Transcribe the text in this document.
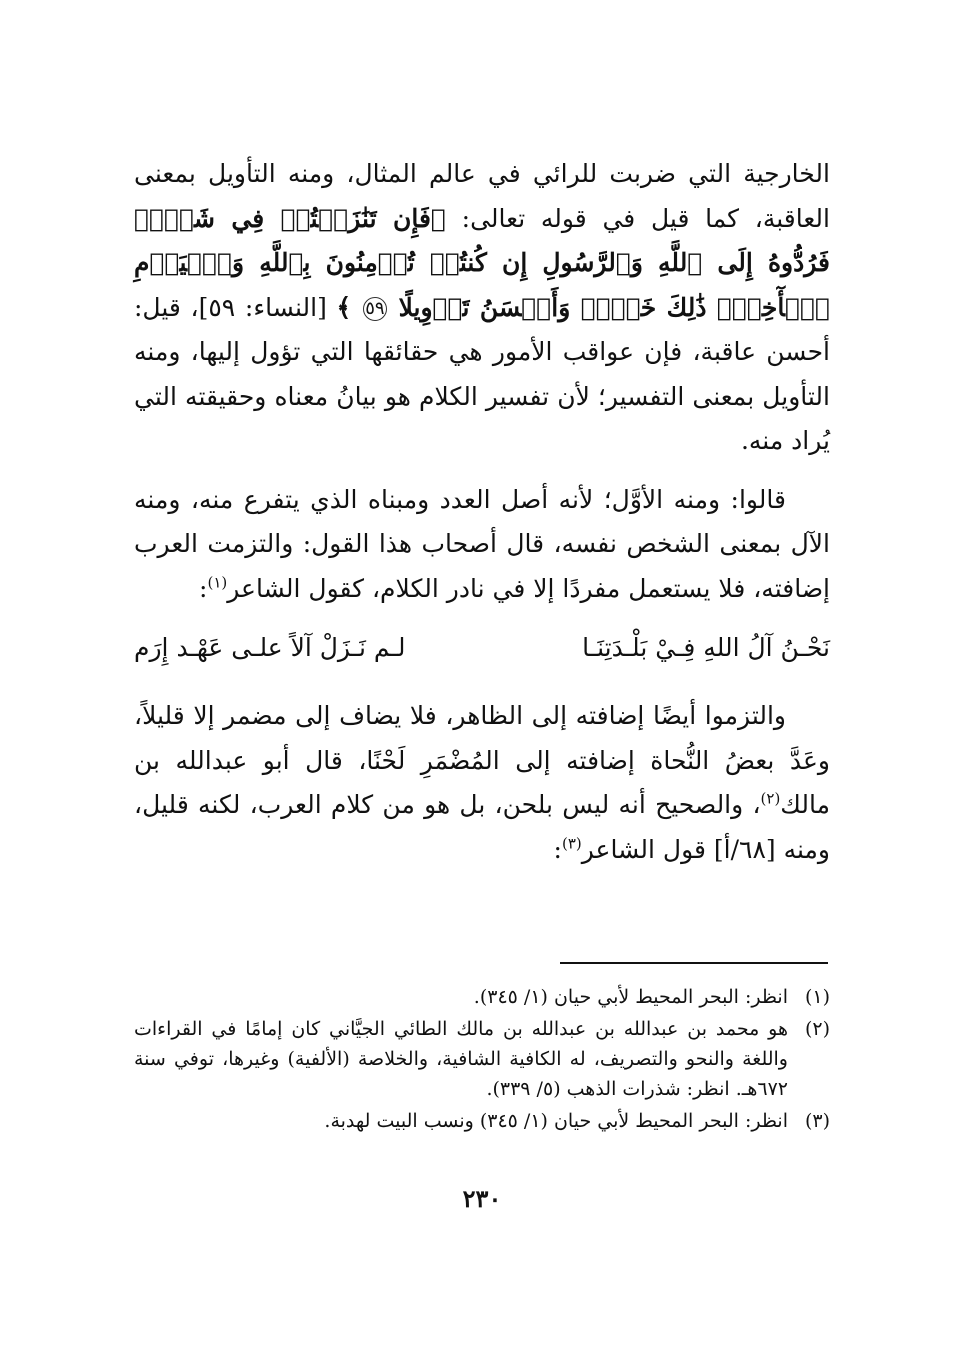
الخارجية التي ضربت للرائي في عالم المثال، ومنه التأويل بمعنى العاقبة، كما قيل في قوله تعالى: ﴿فَإِن تَنَٰزَعۡتُمۡ فِي شَيۡءٖ فَرُدُّوهُ إِلَى ٱللَّهِ وَٱلرَّسُولِ إِن كُنتُمۡ تُؤۡمِنُونَ بِٱللَّهِ وَٱلۡيَوۡمِ ٱلۡأٓخِرِۚ ذَٰلِكَ خَيۡرٞ وَأَحۡسَنُ تَأۡوِيلًا ٥٩ ﴾ [النساء: ٥٩]، قيل: أحسن عاقبة، فإن عواقب الأمور هي حقائقها التي تؤول إليها، ومنه التأويل بمعنى التفسير؛ لأن تفسير الكلام هو بيانُ معناه وحقيقته التي يُراد منه.

قالوا: ومنه الأوَّل؛ لأنه أصل العدد ومبناه الذي يتفرع منه، ومنه الآل بمعنى الشخص نفسه، قال أصحاب هذا القول: والتزمت العرب إضافته، فلا يستعمل مفردًا إلا في نادر الكلام، كقول الشاعر$^{(١)}$:

نَحْـنُ آلُ اللهِ فِـيْ بَلْـدَتِنَـا
لـم نَـزَلْ آلاً علـى عَهْـد إِرَم

والتزموا أيضًا إضافته إلى الظاهر، فلا يضاف إلى مضمر إلا قليلاً، وعَدَّ بعضُ النُّحاة إضافته إلى المُضْمَرِ لَحْنًا، قال أبو عبدالله بن مالك$^{(٢)}$، والصحيح أنه ليس بلحن، بل هو من كلام العرب، لكنه قليل، ومنه [٦٨/أ] قول الشاعر$^{(٣)}$:

(١)
انظر: البحر المحيط لأبي حيان (١/ ٣٤٥).

(٢)
هو محمد بن عبدالله بن عبدالله بن مالك الطائي الجيَّاني كان إمامًا في القراءات واللغة والنحو والتصريف، له الكافية الشافية، والخلاصة (الألفية) وغيرها، توفي سنة ٦٧٢هـ. انظر: شذرات الذهب (٥/ ٣٣٩).

(٣)
انظر: البحر المحيط لأبي حيان (١/ ٣٤٥) ونسب البيت لهدبة.

٢٣٠
